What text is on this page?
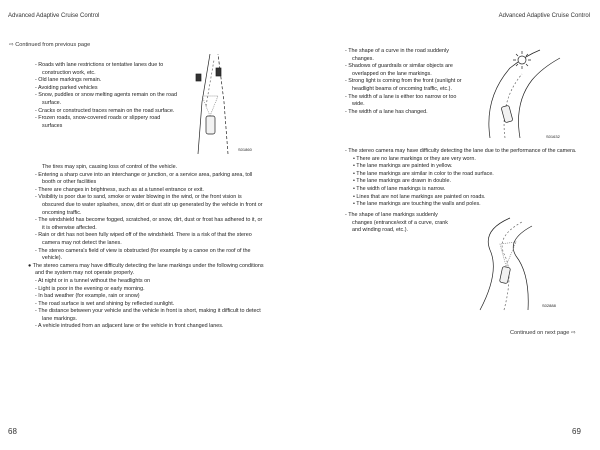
Advanced Adaptive Cruise Control	Advanced Adaptive Cruise Control
⇨ Continued from previous page

- Roads with lane restrictions or tentative lanes due to construction work, etc.

- Old lane markings remain.

- Avoiding parked vehicles

- Snow, puddles or snow melting agents remain on the road surface.

- Cracks or constructed traces remain on the road surface.

- Frozen roads, snow-covered roads or slippery road surfaces

S01860

The tires may spin, causing loss of control of the vehicle.

- Entering a sharp curve into an interchange or junction, or a service area, parking area, toll booth or other facilities

- There are changes in brightness, such as at a tunnel entrance or exit.

- Visibility is poor due to sand, smoke or water blowing in the wind, or the front vision is obscured due to water splashes, snow, dirt or dust stir up generated by the vehicle in front or oncoming traffic.

- The windshield has become fogged, scratched, or snow, dirt, dust or frost has adhered to it, or it is otherwise affected.

- Rain or dirt has not been fully wiped off of the windshield. There is a risk of that the stereo camera may not detect the lanes.

- The stereo camera's field of view is obstructed (for example by a canoe on the roof of the vehicle).

● The stereo camera may have difficulty detecting the lane markings under the following conditions and the system may not operate properly.

- At night or in a tunnel without the headlights on

- Light is poor in the evening or early morning.

- In bad weather (for example, rain or snow)

- The road surface is wet and shining by reflected sunlight.

- The distance between your vehicle and the vehicle in front is short, making it difficult to detect lane markings.

- A vehicle intruded from an adjacent lane or the vehicle in front changed lanes.

- The shape of a curve in the road suddenly changes.

- Shadows of guardrails or similar objects are overlapped on the lane markings.

- Strong light is coming from the front (sunlight or headlight beams of oncoming traffic, etc.).

- The width of a lane is either too narrow or too wide.

- The width of a lane has changed.

S01632

- The stereo camera may have difficulty detecting the lane due to the performance of the camera.

• There are no lane markings or they are very worn.

• The lane markings are painted in yellow.

• The lane markings are similar in color to the road surface.

• The lane markings are drawn in double.

• The width of lane markings is narrow.

• Lines that are not lane markings are painted on roads.

• The lane markings are touching the walls and poles.

- The shape of lane markings suddenly changes (entrance/exit of a curve, crank and winding road, etc.).

S02888
Continued on next page ⇨
68	69
